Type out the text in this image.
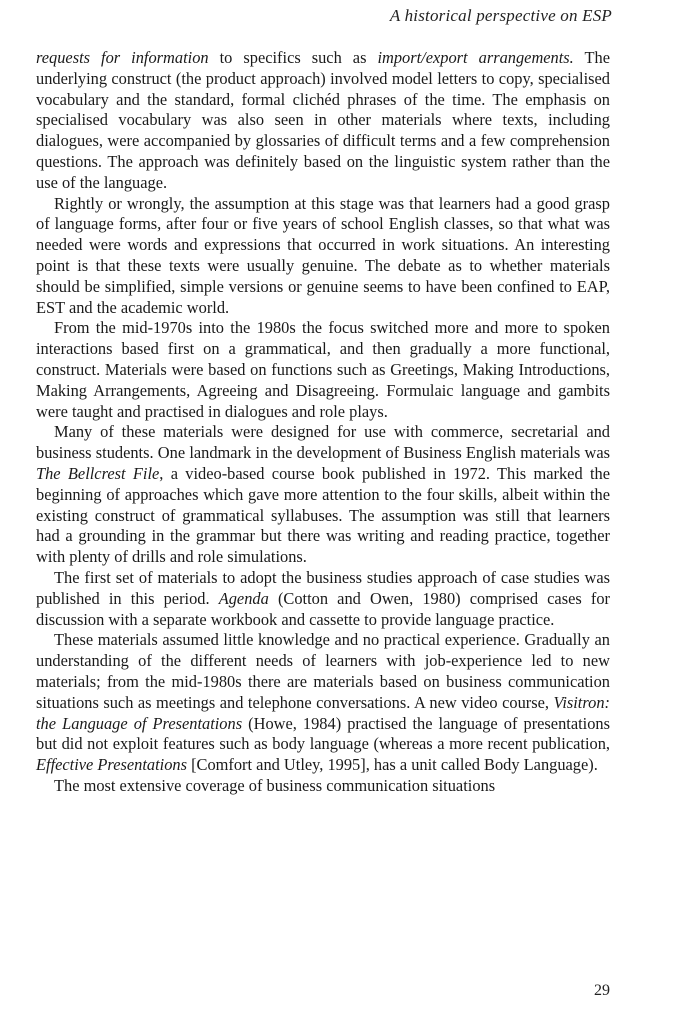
A historical perspective on ESP

requests for information to specifics such as import/export arrangements. The underlying construct (the product approach) involved model letters to copy, specialised vocabulary and the standard, formal clichéd phrases of the time. The emphasis on specialised vocabulary was also seen in other materials where texts, including dialogues, were accompanied by glossaries of difficult terms and a few comprehension questions. The approach was definitely based on the linguistic system rather than the use of the language.

Rightly or wrongly, the assumption at this stage was that learners had a good grasp of language forms, after four or five years of school English classes, so that what was needed were words and expressions that occurred in work situations. An interesting point is that these texts were usually genuine. The debate as to whether materials should be simplified, simple versions or genuine seems to have been confined to EAP, EST and the academic world.

From the mid-1970s into the 1980s the focus switched more and more to spoken interactions based first on a grammatical, and then gradually a more functional, construct. Materials were based on functions such as Greetings, Making Introductions, Making Arrangements, Agreeing and Disagreeing. Formulaic language and gambits were taught and practised in dialogues and role plays.

Many of these materials were designed for use with commerce, secretarial and business students. One landmark in the development of Business English materials was The Bellcrest File, a video-based course book published in 1972. This marked the beginning of approaches which gave more attention to the four skills, albeit within the existing construct of grammatical syllabuses. The assumption was still that learners had a grounding in the grammar but there was writing and reading practice, together with plenty of drills and role simulations.

The first set of materials to adopt the business studies approach of case studies was published in this period. Agenda (Cotton and Owen, 1980) comprised cases for discussion with a separate workbook and cassette to provide language practice.

These materials assumed little knowledge and no practical experience. Gradually an understanding of the different needs of learners with job-experience led to new materials; from the mid-1980s there are materials based on business communication situations such as meetings and telephone conversations. A new video course, Visitron: the Language of Presentations (Howe, 1984) practised the language of presentations but did not exploit features such as body language (whereas a more recent publication, Effective Presentations [Comfort and Utley, 1995], has a unit called Body Language).

The most extensive coverage of business communication situations

29
